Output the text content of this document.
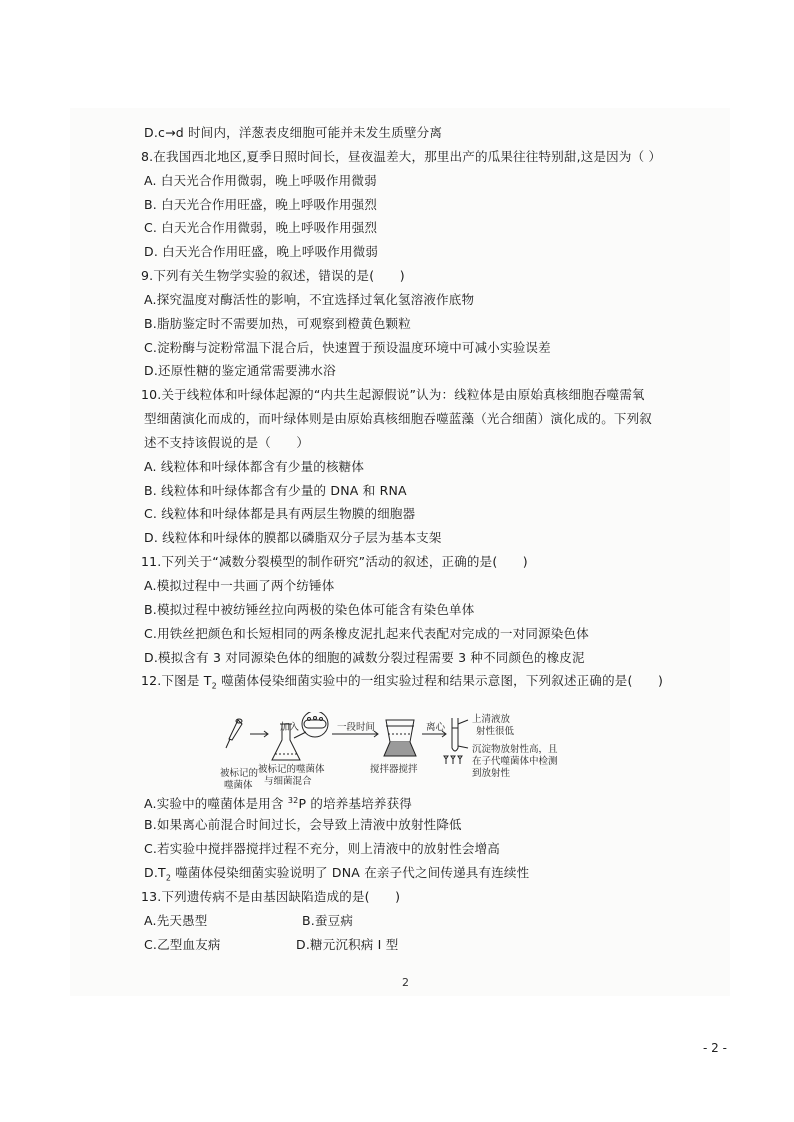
D.c→d 时间内，洋葱表皮细胞可能并未发生质壁分离
8.在我国西北地区,夏季日照时间长，昼夜温差大，那里出产的瓜果往往特别甜,这是因为（ ）
A. 白天光合作用微弱，晚上呼吸作用微弱
B. 白天光合作用旺盛，晚上呼吸作用强烈
C. 白天光合作用微弱，晚上呼吸作用强烈
D. 白天光合作用旺盛，晚上呼吸作用微弱
9.下列有关生物学实验的叙述，错误的是(　　)
A.探究温度对酶活性的影响，不宜选择过氧化氢溶液作底物
B.脂肪鉴定时不需要加热，可观察到橙黄色颗粒
C.淀粉酶与淀粉常温下混合后，快速置于预设温度环境中可减小实验误差
D.还原性糖的鉴定通常需要沸水浴
10.关于线粒体和叶绿体起源的“内共生起源假说”认为：线粒体是由原始真核细胞吞噬需氧
型细菌演化而成的，而叶绿体则是由原始真核细胞吞噬蓝藻（光合细菌）演化成的。下列叙
述不支持该假说的是（　　）
A. 线粒体和叶绿体都含有少量的核糖体
B. 线粒体和叶绿体都含有少量的 DNA 和 RNA
C. 线粒体和叶绿体都是具有两层生物膜的细胞器
D. 线粒体和叶绿体的膜都以磷脂双分子层为基本支架
11.下列关于“减数分裂模型的制作研究”活动的叙述，正确的是(　　)
A.模拟过程中一共画了两个纺锤体
B.模拟过程中被纺锤丝拉向两极的染色体可能含有染色单体
C.用铁丝把颜色和长短相同的两条橡皮泥扎起来代表配对完成的一对同源染色体
D.模拟含有 3 对同源染色体的细胞的减数分裂过程需要 3 种不同颜色的橡皮泥
12.下图是 $T_2$ 噬菌体侵染细菌实验中的一组实验过程和结果示意图，下列叙述正确的是(　　)
加入	一段时间	离心
被标记的
噬菌体
被标记的噬菌体
与细菌混合
搅拌器搅拌
上清液放
射性很低
沉淀物放射性高，且
在子代噬菌体中检测
到放射性
A.实验中的噬菌体是用含 $^{32}$P 的培养基培养获得
B.如果离心前混合时间过长，会导致上清液中放射性降低
C.若实验中搅拌器搅拌过程不充分，则上清液中的放射性会增高
$D.T_2$ 噬菌体侵染细菌实验说明了 DNA 在亲子代之间传递具有连续性
13.下列遗传病不是由基因缺陷造成的是(　　)
A.先天愚型	B.蚕豆病
C.乙型血友病	D.糖元沉积病 Ⅰ 型
2
- 2 -
